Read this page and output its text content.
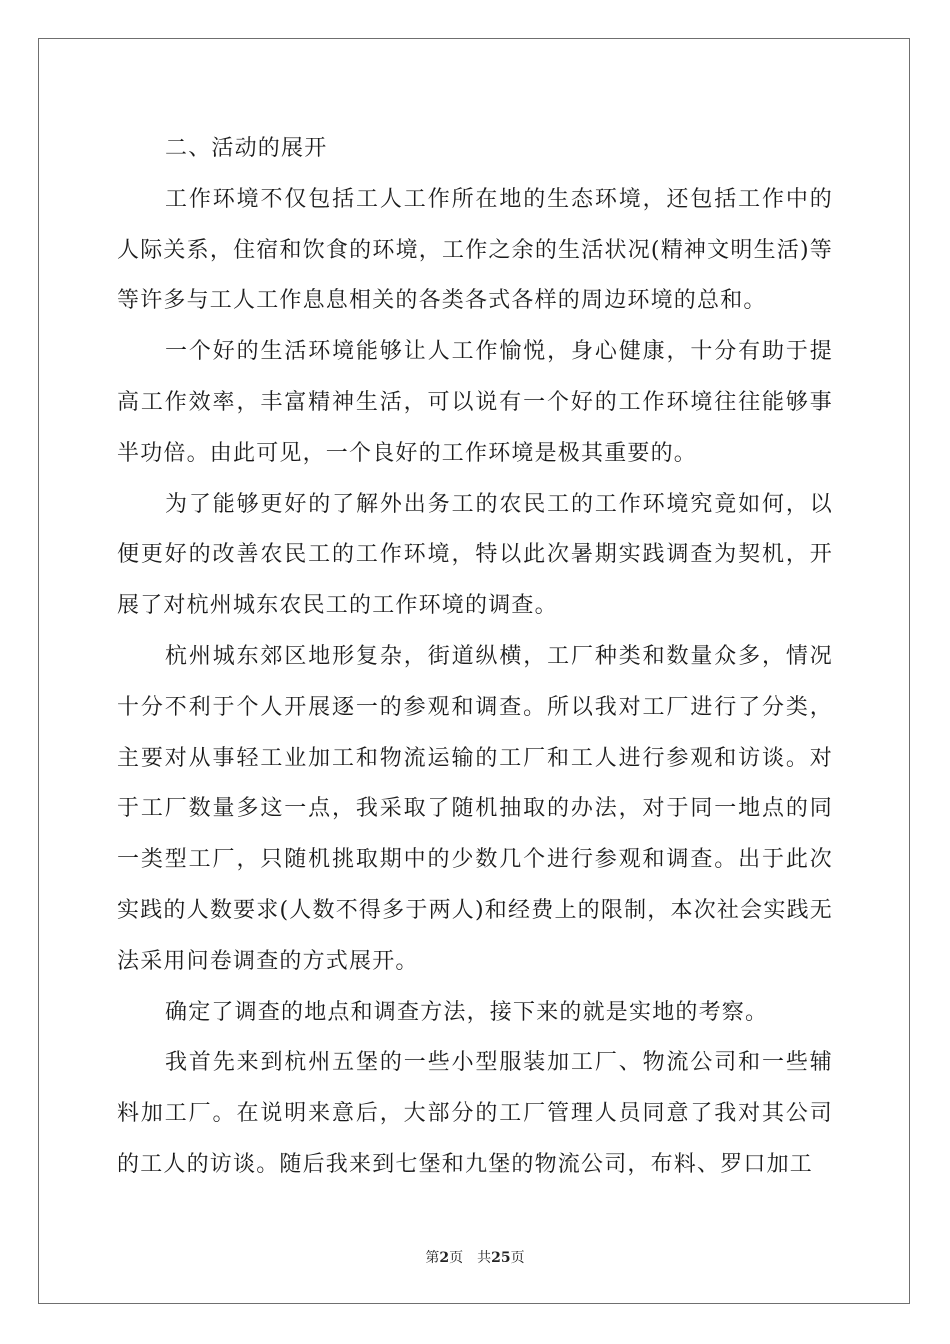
二、活动的展开

工作环境不仅包括工人工作所在地的生态环境，还包括工作中的人际关系，住宿和饮食的环境，工作之余的生活状况(精神文明生活)等等许多与工人工作息息相关的各类各式各样的周边环境的总和。

一个好的生活环境能够让人工作愉悦，身心健康，十分有助于提高工作效率，丰富精神生活，可以说有一个好的工作环境往往能够事半功倍。由此可见，一个良好的工作环境是极其重要的。

为了能够更好的了解外出务工的农民工的工作环境究竟如何，以便更好的改善农民工的工作环境，特以此次暑期实践调查为契机，开展了对杭州城东农民工的工作环境的调查。

杭州城东郊区地形复杂，街道纵横，工厂种类和数量众多，情况十分不利于个人开展逐一的参观和调查。所以我对工厂进行了分类，主要对从事轻工业加工和物流运输的工厂和工人进行参观和访谈。对于工厂数量多这一点，我采取了随机抽取的办法，对于同一地点的同一类型工厂，只随机挑取期中的少数几个进行参观和调查。出于此次实践的人数要求(人数不得多于两人)和经费上的限制，本次社会实践无法采用问卷调查的方式展开。

确定了调查的地点和调查方法，接下来的就是实地的考察。

我首先来到杭州五堡的一些小型服装加工厂、物流公司和一些辅料加工厂。在说明来意后，大部分的工厂管理人员同意了我对其公司的工人的访谈。随后我来到七堡和九堡的物流公司，布料、罗口加工

第2页 共25页
